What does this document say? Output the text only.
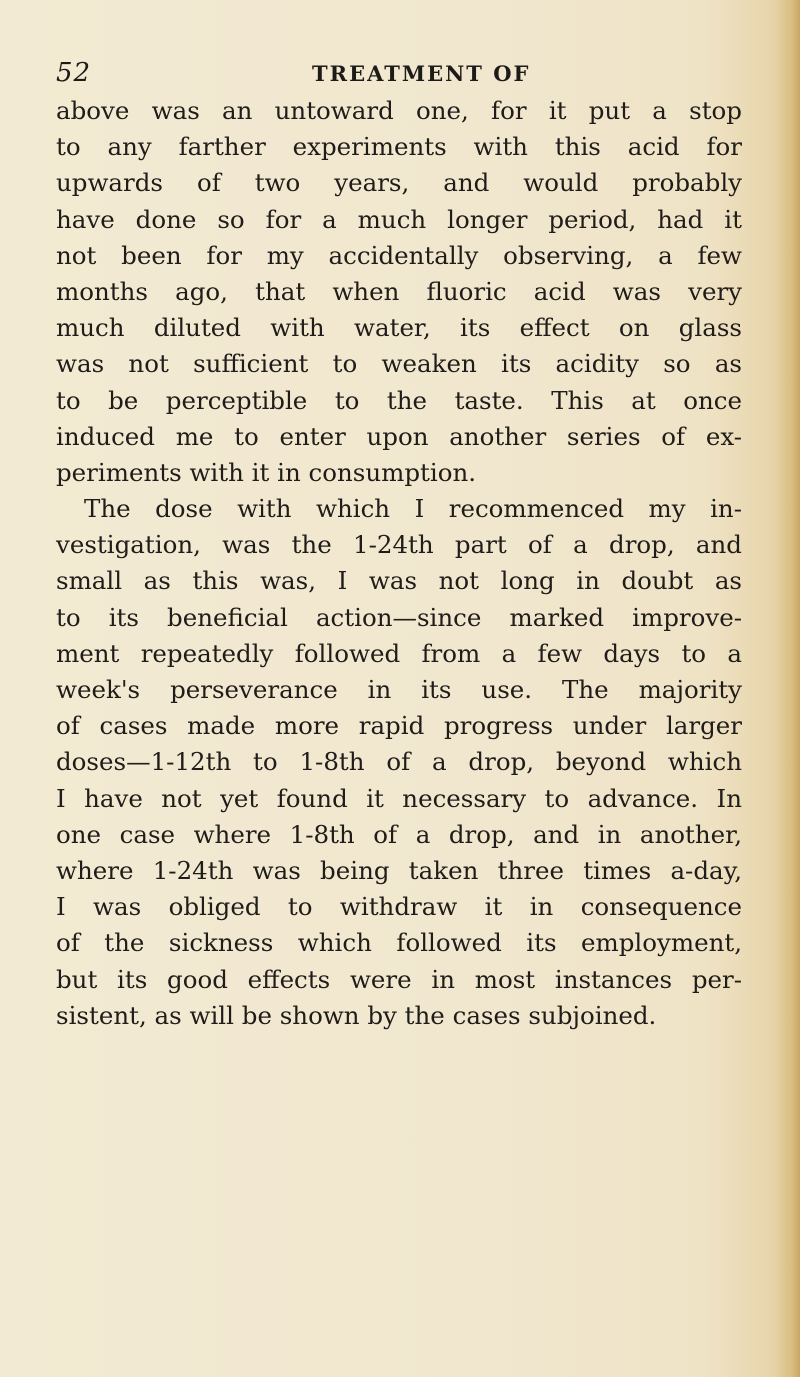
52	TREATMENT OF
above was an untoward one, for it put a stop
to any farther experiments with this acid for
upwards of two years, and would probably
have done so for a much longer period, had it
not been for my accidentally observing, a few
months ago, that when fluoric acid was very
much diluted with water, its effect on glass
was not sufficient to weaken its acidity so as
to be perceptible to the taste. This at once
induced me to enter upon another series of ex-
periments with it in consumption.
The dose with which I recommenced my in-
vestigation, was the 1-24th part of a drop, and
small as this was, I was not long in doubt as
to its beneficial action—since marked improve-
ment repeatedly followed from a few days to a
week's perseverance in its use. The majority
of cases made more rapid progress under larger
doses—1-12th to 1-8th of a drop, beyond which
I have not yet found it necessary to advance. In
one case where 1-8th of a drop, and in another,
where 1-24th was being taken three times a-day,
I was obliged to withdraw it in consequence
of the sickness which followed its employment,
but its good effects were in most instances per-
sistent, as will be shown by the cases subjoined.
